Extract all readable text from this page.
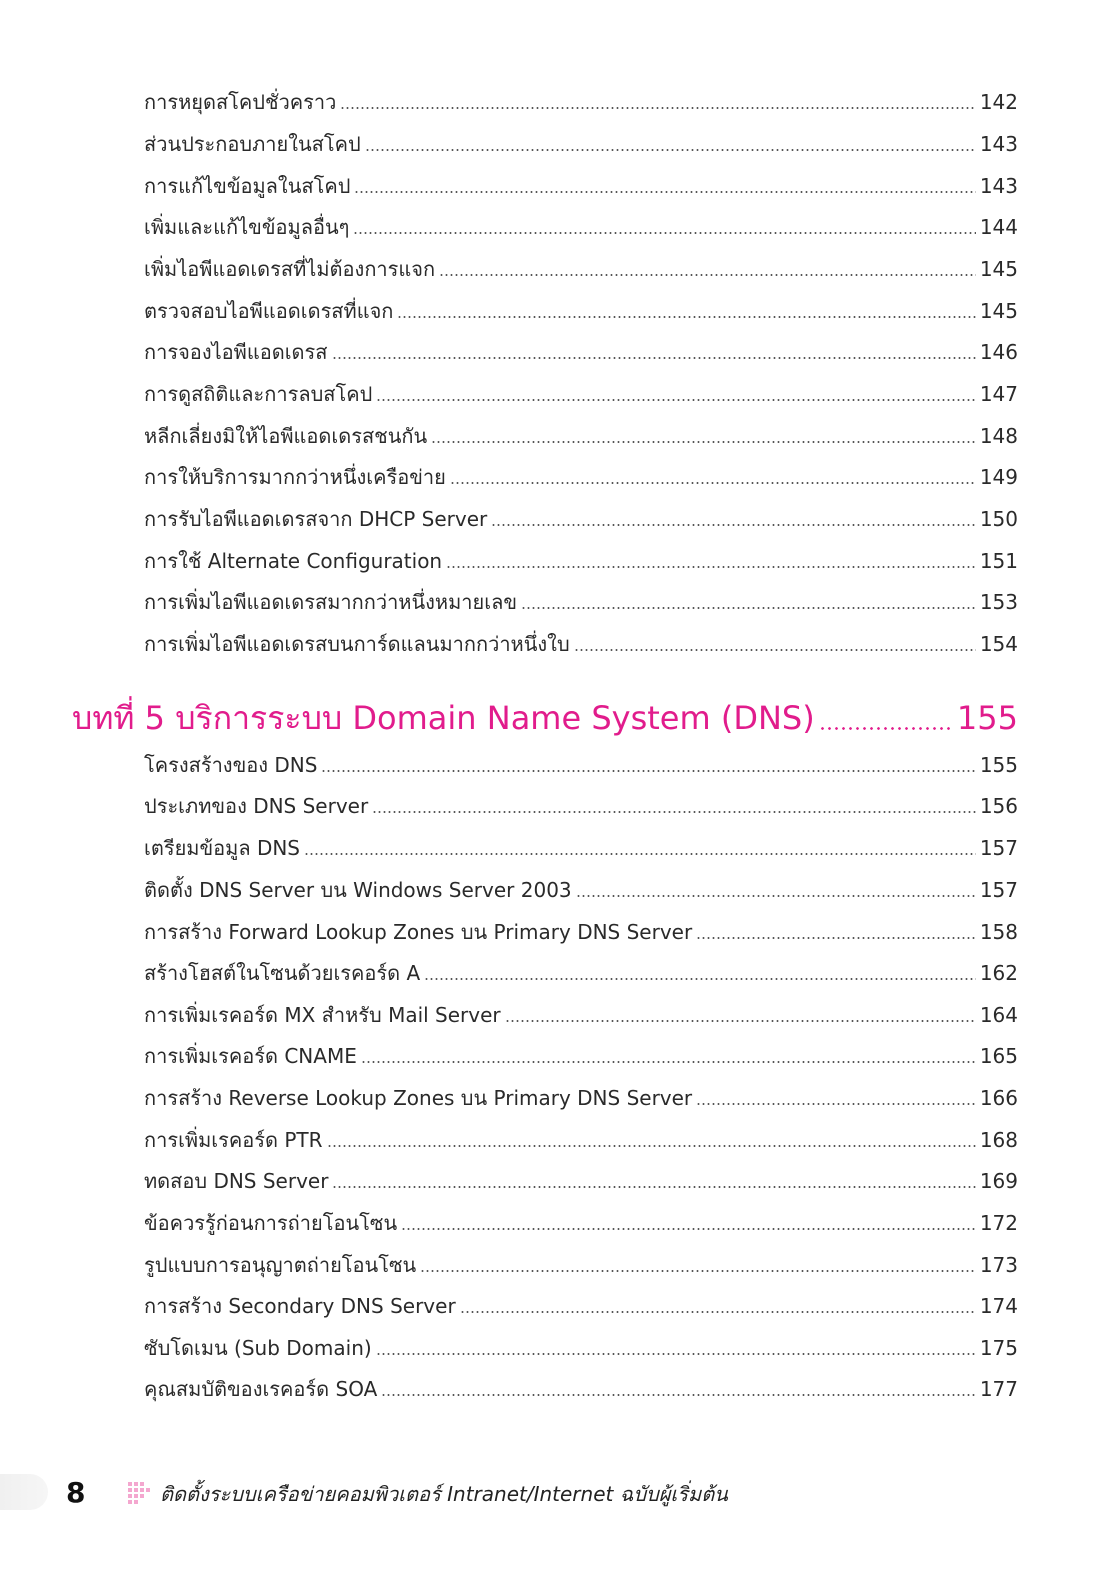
การหยุดสโคปชั่วคราว	142
ส่วนประกอบภายในสโคป	143
การแก้ไขข้อมูลในสโคป	143
เพิ่มและแก้ไขข้อมูลอื่นๆ	144
เพิ่มไอพีแอดเดรสที่ไม่ต้องการแจก	145
ตรวจสอบไอพีแอดเดรสที่แจก	145
การจองไอพีแอดเดรส	146
การดูสถิติและการลบสโคป	147
หลีกเลี่ยงมิให้ไอพีแอดเดรสชนกัน	148
การให้บริการมากกว่าหนึ่งเครือข่าย	149
การรับไอพีแอดเดรสจาก DHCP Server	150
การใช้ Alternate Configuration	151
การเพิ่มไอพีแอดเดรสมากกว่าหนึ่งหมายเลข	153
การเพิ่มไอพีแอดเดรสบนการ์ดแลนมากกว่าหนึ่งใบ	154
บทที่ 5 บริการระบบ Domain Name System (DNS)	155
โครงสร้างของ DNS	155
ประเภทของ DNS Server	156
เตรียมข้อมูล DNS	157
ติดตั้ง DNS Server บน Windows Server 2003	157
การสร้าง Forward Lookup Zones บน Primary DNS Server	158
สร้างโฮสต์ในโซนด้วยเรคอร์ด A	162
การเพิ่มเรคอร์ด MX สำหรับ Mail Server	164
การเพิ่มเรคอร์ด CNAME	165
การสร้าง Reverse Lookup Zones บน Primary DNS Server	166
การเพิ่มเรคอร์ด PTR	168
ทดสอบ DNS Server	169
ข้อควรรู้ก่อนการถ่ายโอนโซน	172
รูปแบบการอนุญาตถ่ายโอนโซน	173
การสร้าง Secondary DNS Server	174
ซับโดเมน (Sub Domain)	175
คุณสมบัติของเรคอร์ด SOA	177
8	ติดตั้งระบบเครือข่ายคอมพิวเตอร์ Intranet/Internet ฉบับผู้เริ่มต้น
